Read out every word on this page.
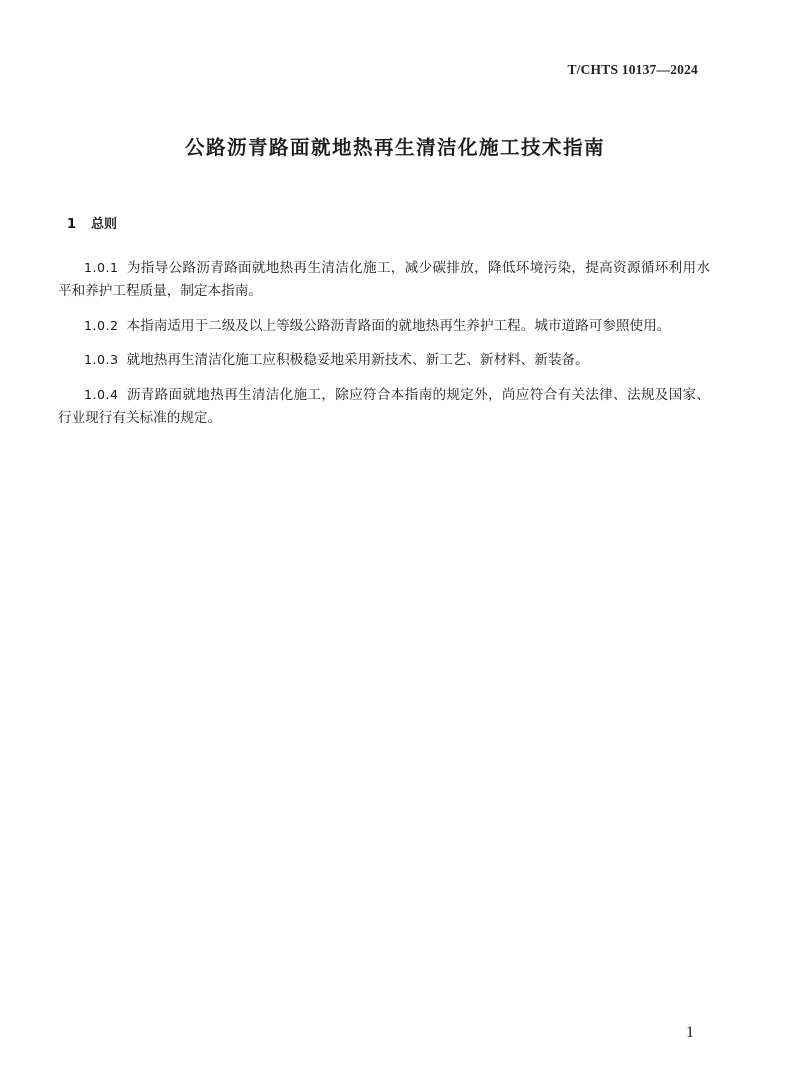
T/CHTS 10137—2024
公路沥青路面就地热再生清洁化施工技术指南
1 总则

1.0.1 为指导公路沥青路面就地热再生清洁化施工，减少碳排放，降低环境污染，提高资源循环利用水平和养护工程质量，制定本指南。

1.0.2 本指南适用于二级及以上等级公路沥青路面的就地热再生养护工程。城市道路可参照使用。

1.0.3 就地热再生清洁化施工应积极稳妥地采用新技术、新工艺、新材料、新装备。

1.0.4 沥青路面就地热再生清洁化施工，除应符合本指南的规定外，尚应符合有关法律、法规及国家、行业现行有关标准的规定。

1
